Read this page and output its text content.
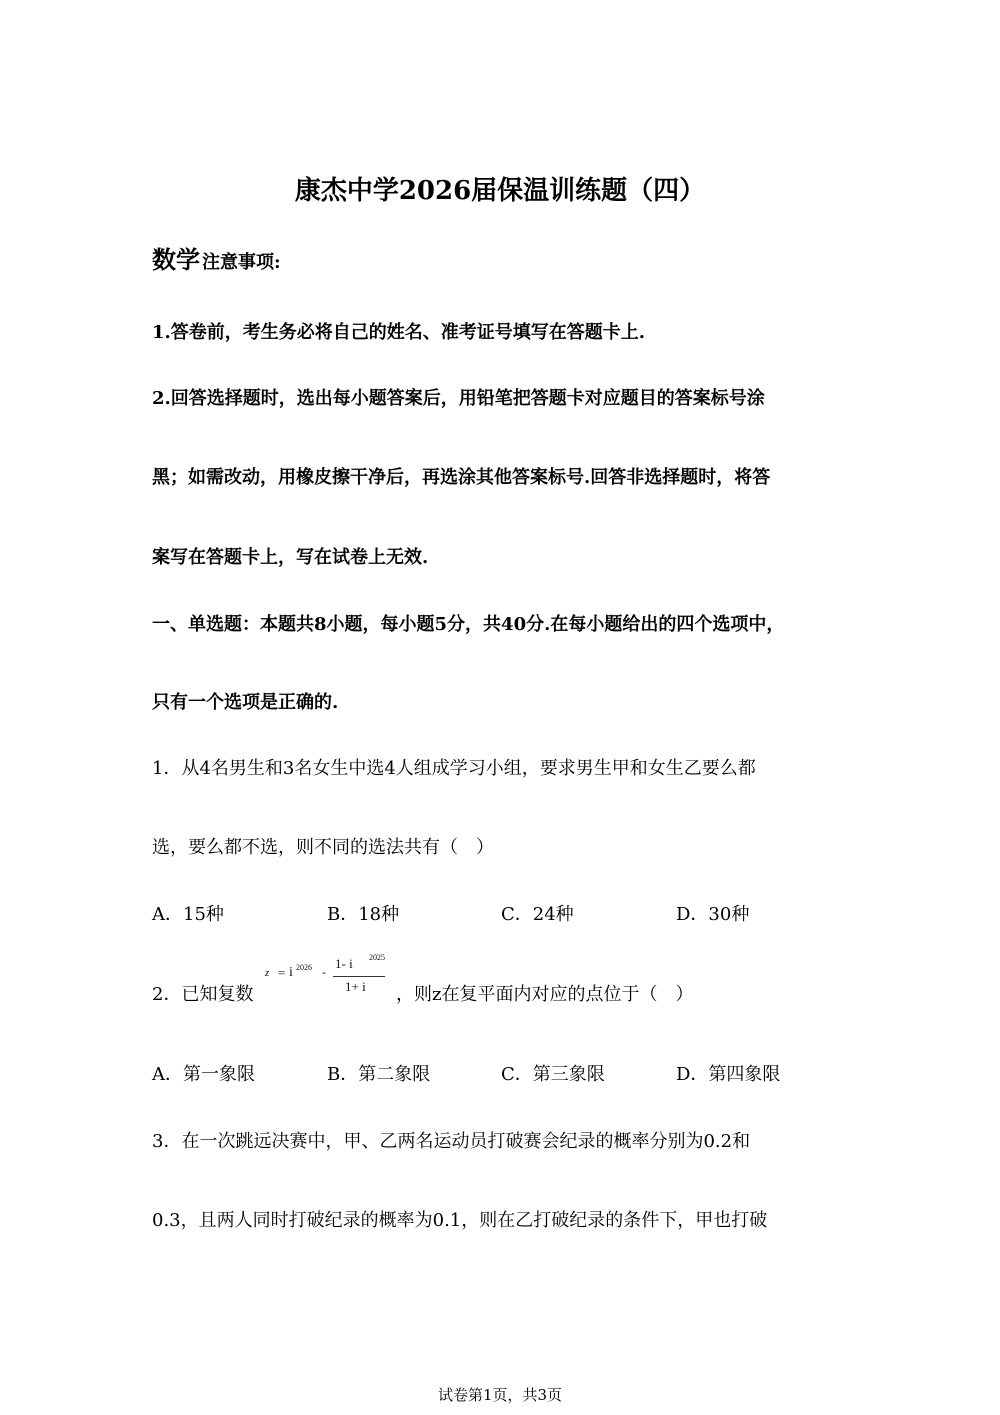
康杰中学2026届保温训练题（四）
数学 注意事项:
1.答卷前，考生务必将自己的姓名、准考证号填写在答题卡上.
2.回答选择题时，选出每小题答案后，用铅笔把答题卡对应题目的答案标号涂
黑；如需改动，用橡皮擦干净后，再选涂其他答案标号.回答非选择题时，将答
案写在答题卡上，写在试卷上无效.
一、单选题：本题共8小题，每小题5分，共40分.在每小题给出的四个选项中，
只有一个选项是正确的.
1．从4名男生和3名女生中选4人组成学习小组，要求男生甲和女生乙要么都
选，要么都不选，则不同的选法共有（　）
A．15种	B．18种	C．24种	D．30种
2．已知复数
z = i 2026 -
1- i 2025
1+ i ，则z在复平面内对应的点位于（　）
A．第一象限	B．第二象限	C．第三象限	D．第四象限
3．在一次跳远决赛中，甲、乙两名运动员打破赛会纪录的概率分别为0.2和
0.3，且两人同时打破纪录的概率为0.1，则在乙打破纪录的条件下，甲也打破
试卷第1页，共3页
